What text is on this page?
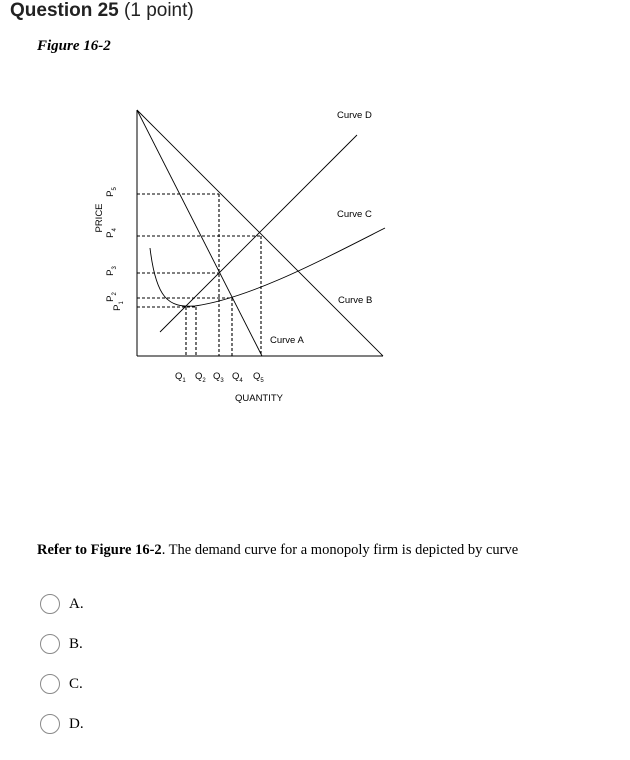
Question 25 (1 point)
Figure 16-2
PRICE
$P_5$
$P_4$
$P_3$
$P_2$
$P_1$
$Q_1$ $Q_2$ $Q_3$ $Q_4$ $Q_5$
QUANTITY
Curve D
Curve C
Curve B
Curve A
Refer to Figure 16-2. The demand curve for a monopoly firm is depicted by curve
A.
B.
C.
D.
